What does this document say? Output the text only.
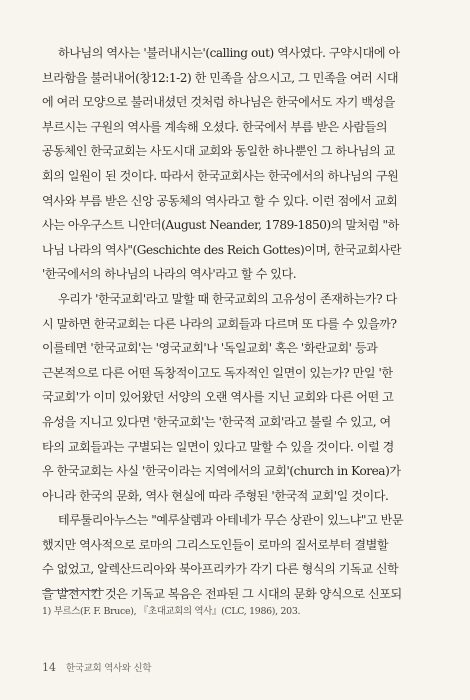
하나님의 역사는 '불러내시는'(calling out) 역사였다. 구약시대에 아
브라함을 불러내어(창12:1-2) 한 민족을 삼으시고, 그 민족을 여러 시대
에 여러 모양으로 불러내셨던 것처럼 하나님은 한국에서도 자기 백성을
부르시는 구원의 역사를 계속해 오셨다. 한국에서 부름 받은 사람들의
공동체인 한국교회는 사도시대 교회와 동일한 하나뿐인 그 하나님의 교
회의 일원이 된 것이다. 따라서 한국교회사는 한국에서의 하나님의 구원
역사와 부름 받은 신앙 공동체의 역사라고 할 수 있다. 이런 점에서 교회
사는 아우구스트 니안더(August Neander, 1789-1850)의 말처럼 "하
나님 나라의 역사"(Geschichte des Reich Gottes)이며, 한국교회사란
'한국에서의 하나님의 나라의 역사'라고 할 수 있다.
우리가 '한국교회'라고 말할 때 한국교회의 고유성이 존재하는가? 다
시 말하면 한국교회는 다른 나라의 교회들과 다르며 또 다를 수 있을까?
이를테면 '한국교회'는 '영국교회'나 '독일교회' 혹은 '화란교회' 등과
근본적으로 다른 어떤 독창적이고도 독자적인 일면이 있는가? 만일 '한
국교회'가 이미 있어왔던 서양의 오랜 역사를 지닌 교회와 다른 어떤 고
유성을 지니고 있다면 '한국교회'는 '한국적 교회'라고 불릴 수 있고, 여
타의 교회들과는 구별되는 일면이 있다고 말할 수 있을 것이다. 이럴 경
우 한국교회는 사실 '한국이라는 지역에서의 교회'(church in Korea)가
아니라 한국의 문화, 역사 현실에 따라 주형된 '한국적 교회'일 것이다.
테루툴리아누스는 "예루살렘과 아테네가 무슨 상관이 있느냐"고 반문
했지만 역사적으로 로마의 그리스도인들이 로마의 질서로부터 결별할
수 없었고, 알렉산드리아와 북아프리카가 각기 다른 형식의 기독교 신학
을 발전시킨 것은 기독교 복음은 전파된 그 시대의 문화 양식으로 신포되
1) 부르스(F. F. Bruce), 『초대교회의 역사』(CLC, 1986), 203.
14 한국교회 역사와 신학
